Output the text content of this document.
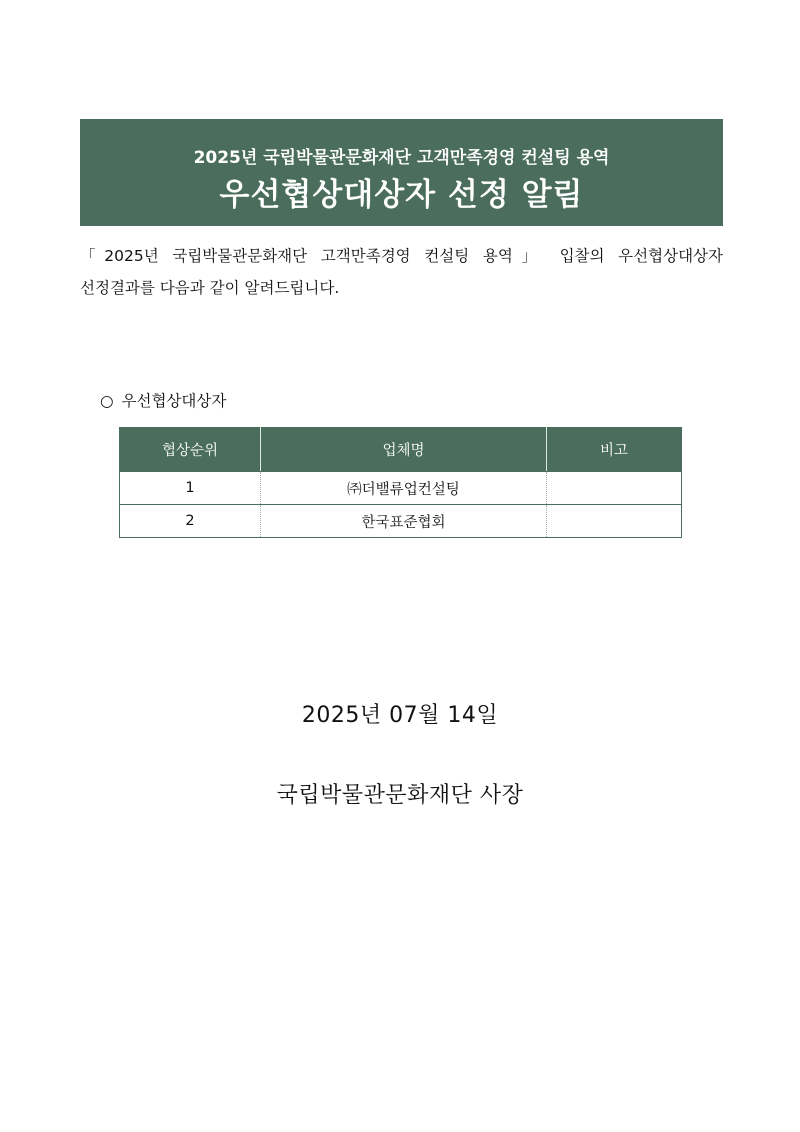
2025년 국립박물관문화재단 고객만족경영 컨설팅 용역
우선협상대상자 선정 알림
「2025년 국립박물관문화재단 고객만족경영 컨설팅 용역」 입찰의 우선협상대상자
선정결과를 다음과 같이 알려드립니다.
○ 우선협상대상자
협상순위	업체명	비고
1	㈜더밸류업컨설팅	
2	한국표준협회	
2025년 07월 14일
국립박물관문화재단 사장
